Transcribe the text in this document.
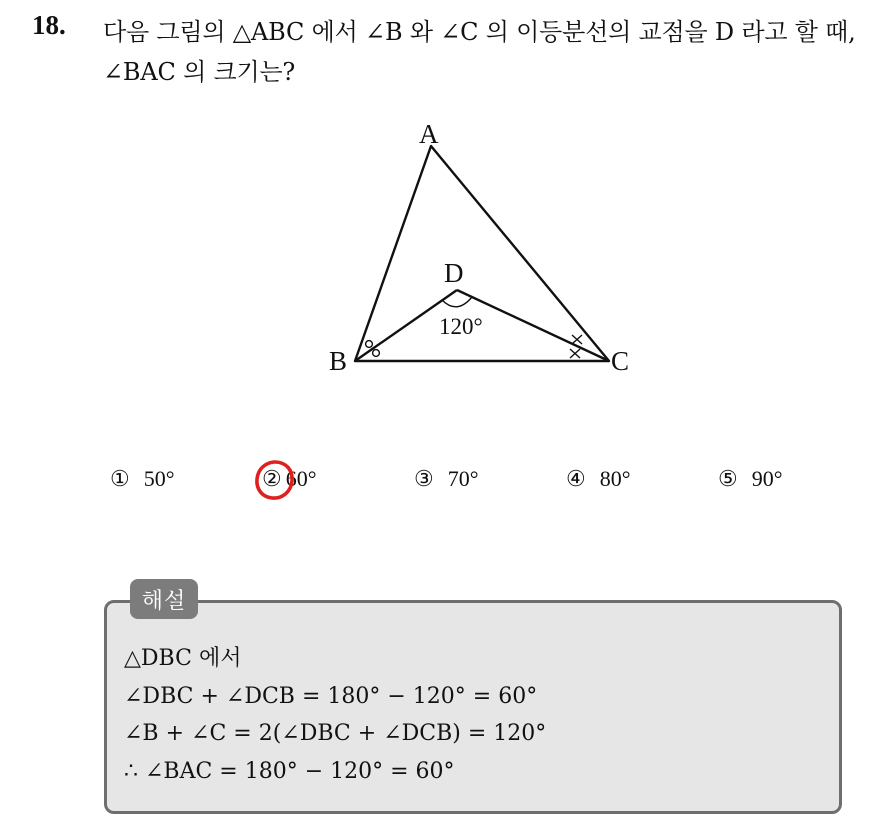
18. 다음 그림의 △ABC 에서 ∠B 와 ∠C 의 이등분선의 교점을 D 라고 할 때, ∠BAC 의 크기는?
A
B	C
D
120°
① 50°	② 60°	③ 70°	④ 80°	⑤ 90°
해설
△DBC 에서
∠DBC + ∠DCB = 180° − 120° = 60°
∠B + ∠C = 2(∠DBC + ∠DCB) = 120°
∴ ∠BAC = 180° − 120° = 60°
